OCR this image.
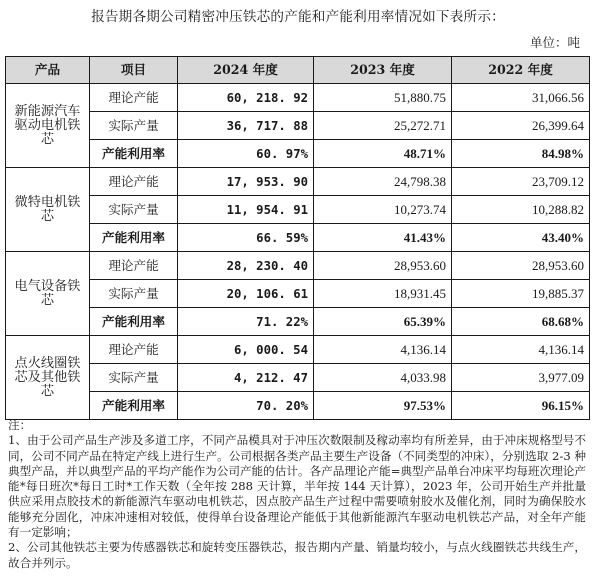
报告期各期公司精密冲压铁芯的产能和产能利用率情况如下表所示：
单位：吨
产品	项目	2024 年度	2023 年度	2022 年度
新能源汽车驱动电机铁芯	理论产能	60, 218. 92	51,880.75	31,066.56
	实际产量	36, 717. 88	25,272.71	26,399.64
	产能利用率	60. 97%	48.71%	84.98%
微特电机铁芯	理论产能	17, 953. 90	24,798.38	23,709.12
	实际产量	11, 954. 91	10,273.74	10,288.82
	产能利用率	66. 59%	41.43%	43.40%
电气设备铁芯	理论产能	28, 230. 40	28,953.60	28,953.60
	实际产量	20, 106. 61	18,931.45	19,885.37
	产能利用率	71. 22%	65.39%	68.68%
点火线圈铁芯及其他铁芯	理论产能	6, 000. 54	4,136.14	4,136.14
	实际产量	4, 212. 47	4,033.98	3,977.09
	产能利用率	70. 20%	97.53%	96.15%

注：

1、由于公司产品生产涉及多道工序，不同产品模具对于冲压次数限制及稼动率均有所差异，由于冲床规格型号不同，公司不同产品在特定产线上进行生产。公司根据各类产品主要生产设备（不同类型的冲床），分别选取 2-3 种典型产品，并以典型产品的平均产能作为公司产能的估计。各产品理论产能=典型产品单台冲床平均每班次理论产能*每日班次*每日工时*工作天数（全年按 288 天计算，半年按 144 天计算），2023 年，公司开始生产并批量供应采用点胶技术的新能源汽车驱动电机铁芯，因点胶产品生产过程中需要喷射胶水及催化剂，同时为确保胶水能够充分固化，冲床冲速相对较低，使得单台设备理论产能低于其他新能源汽车驱动电机铁芯产品，对全年产能有一定影响；

2、公司其他铁芯主要为传感器铁芯和旋转变压器铁芯，报告期内产量、销量均较小，与点火线圈铁芯共线生产，故合并列示。
